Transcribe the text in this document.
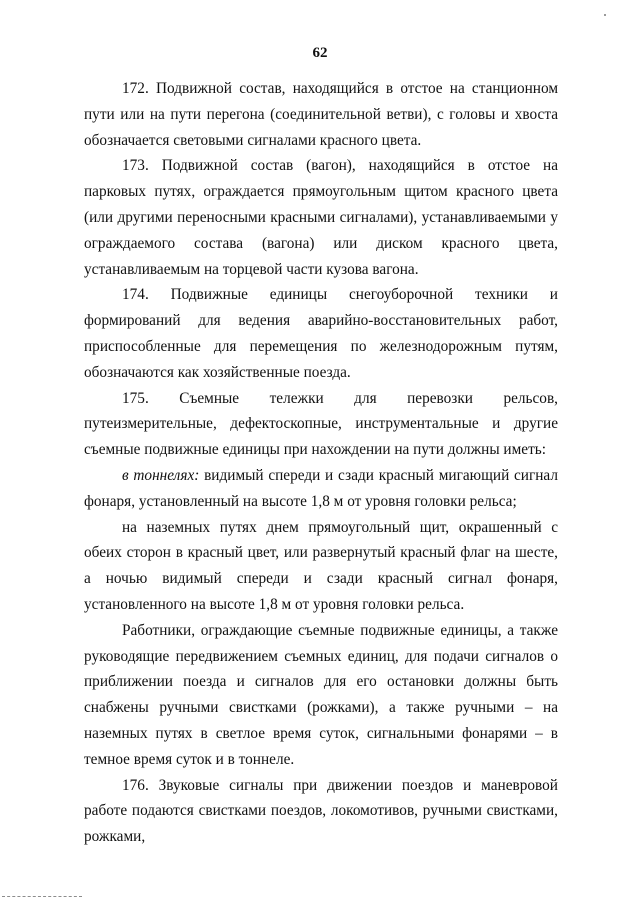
62

172. Подвижной состав, находящийся в отстое на станционном пути или на пути перегона (соединительной ветви), с головы и хвоста обозначается световыми сигналами красного цвета.

173. Подвижной состав (вагон), находящийся в отстое на парковых путях, ограждается прямоугольным щитом красного цвета (или другими переносными красными сигналами), устанавливаемыми у ограждаемого состава (вагона) или диском красного цвета, устанавливаемым на торцевой части кузова вагона.

174. Подвижные единицы снегоуборочной техники и формирований для ведения аварийно-восстановительных работ, приспособленные для перемещения по железнодорожным путям, обозначаются как хозяйственные поезда.

175. Съемные тележки для перевозки рельсов, путеизмерительные, дефектоскопные, инструментальные и другие съемные подвижные единицы при нахождении на пути должны иметь:

в тоннелях: видимый спереди и сзади красный мигающий сигнал фонаря, установленный на высоте 1,8 м от уровня головки рельса;

на наземных путях днем прямоугольный щит, окрашенный с обеих сторон в красный цвет, или развернутый красный флаг на шесте, а ночью видимый спереди и сзади красный сигнал фонаря, установленного на высоте 1,8 м от уровня головки рельса.

Работники, ограждающие съемные подвижные единицы, а также руководящие передвижением съемных единиц, для подачи сигналов о приближении поезда и сигналов для его остановки должны быть снабжены ручными свистками (рожками), а также ручными – на наземных путях в светлое время суток, сигнальными фонарями – в темное время суток и в тоннеле.

176. Звуковые сигналы при движении поездов и маневровой работе подаются свистками поездов, локомотивов, ручными свистками, рожками,
